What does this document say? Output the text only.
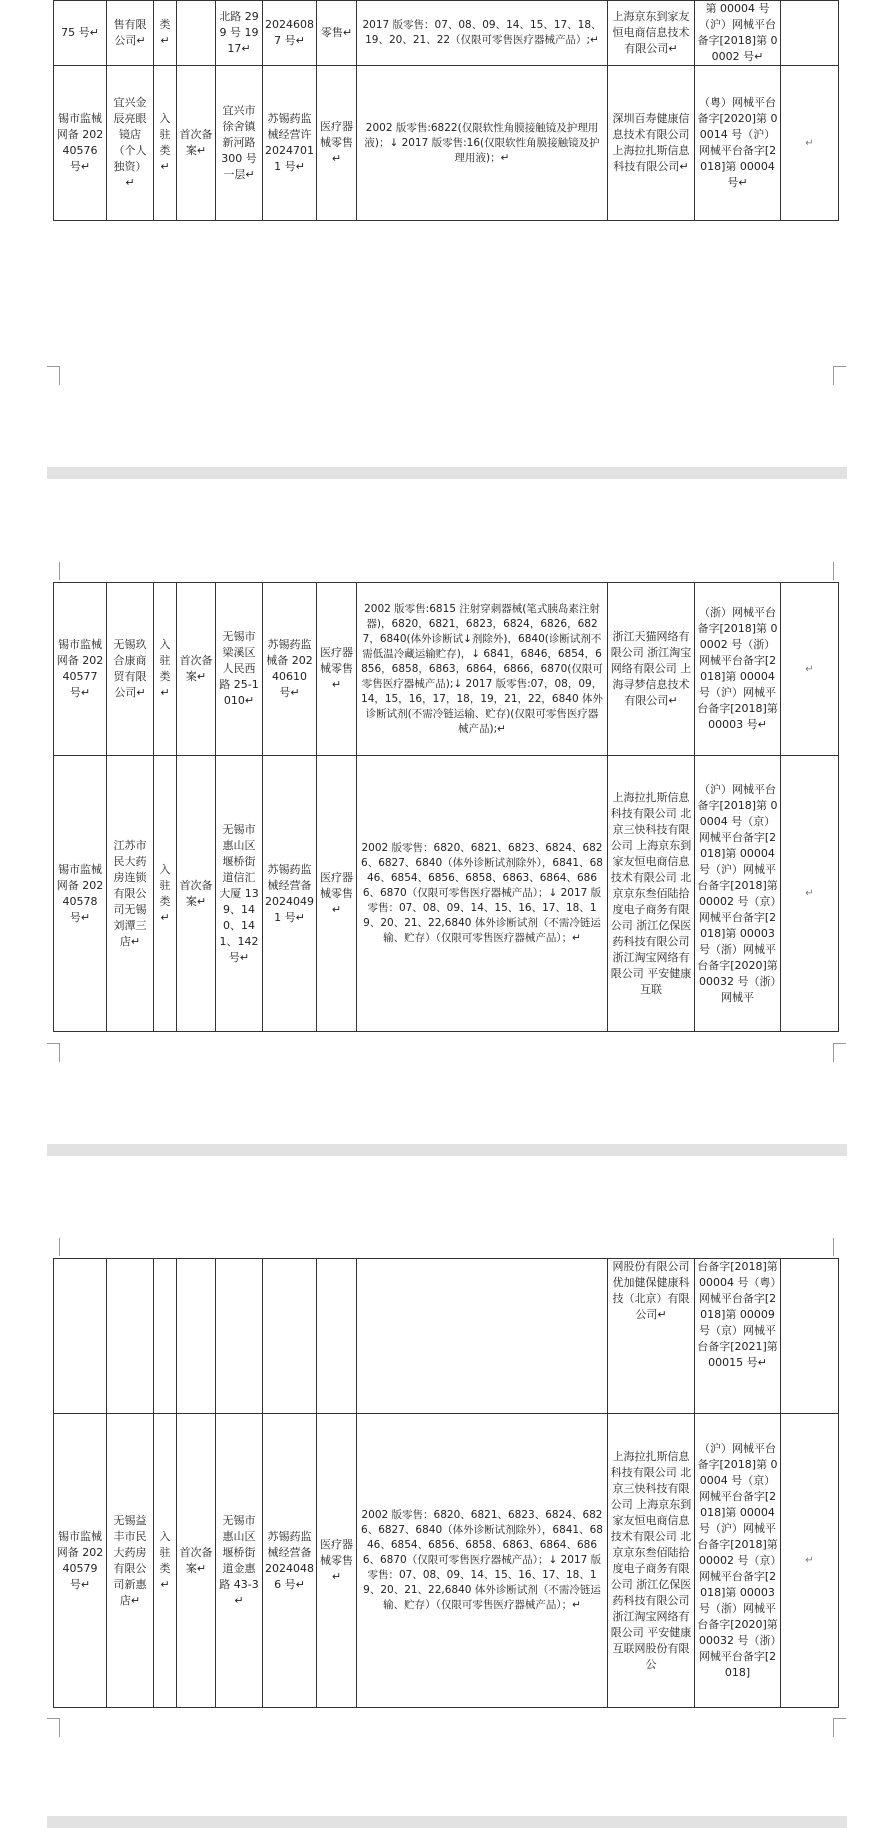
75 号↵	售有限公司↵	类↵		北路 299 号 1917↵	2024608 7 号↵	零售↵	2017 版零售：07、08、09、14、15、17、18、19、20、21、22（仅限可零售医疗器械产品）;↵	上海京东到家友恒电商信息技术有限公司↵	第 00004 号（沪）网械平台备字[2018]第 00002 号↵	
锡市监械网备 20240576 号↵	宜兴金辰亮眼镜店（个人独资）↵	入驻类↵	首次备案↵	宜兴市徐舍镇新河路 300 号一层↵	苏锡药监械经营许 20247011 号↵	医疗器械零售↵	2002 版零售:6822(仅限软性角膜接触镜及护理用液)；↓ 2017 版零售:16(仅限软性角膜接触镜及护理用液)；↵	深圳百寿健康信息技术有限公司 上海拉扎斯信息科技有限公司↵	（粤）网械平台备字[2020]第 00014 号（沪）网械平台备字[2018]第 00004 号↵	↵
锡市监械网备 20240577 号↵	无锡玖合康商贸有限公司↵	入驻类↵	首次备案↵	无锡市梁溪区人民西路 25-1010↵	苏锡药监械备 20240610 号↵	医疗器械零售↵	2002 版零售:6815 注射穿刺器械(笔式胰岛素注射器)，6820，6821，6823，6824，6826，6827，6840(体外诊断试↓剂除外)，6840(诊断试剂不需低温冷藏运输贮存)，↓ 6841，6846，6854，6856，6858，6863，6864，6866，6870(仅限可零售医疗器械产品);↓ 2017 版零售:07，08，09，14，15，16，17，18，19，21，22，6840 体外诊断试剂(不需冷链运输、贮存)(仅限可零售医疗器械产品);↵	浙江天猫网络有限公司 浙江淘宝网络有限公司 上海寻梦信息技术有限公司↵	（浙）网械平台备字[2018]第 00002 号（浙）网械平台备字[2018]第 00004 号（沪）网械平台备字[2018]第 00003 号↵	↵
锡市监械网备 20240578 号↵	江苏市民大药房连锁有限公司无锡刘潭三店↵	入驻类↵	首次备案↵	无锡市惠山区堰桥街道信汇大厦 139、140、141、142 号↵	苏锡药监械经营备 20240491 号↵	医疗器械零售↵	2002 版零售：6820、6821、6823、6824、6826、6827、6840（体外诊断试剂除外），6841、6846、6854、6856、6858、6863、6864、6866、6870（仅限可零售医疗器械产品）；↓ 2017 版零售：07、08、09、14、15、16、17、18、19、20、21、22,6840 体外诊断试剂（不需冷链运输、贮存）（仅限可零售医疗器械产品）；↵	上海拉扎斯信息科技有限公司 北京三快科技有限公司 上海京东到家友恒电商信息技术有限公司 北京京东叁佰陆拾度电子商务有限公司 浙江亿保医药科技有限公司 浙江淘宝网络有限公司 平安健康互联	（沪）网械平台备字[2018]第 00004 号（京）网械平台备字[2018]第 00004 号（沪）网械平台备字[2018]第 00002 号（京）网械平台备字[2018]第 00003 号（浙）网械平台备字[2020]第 00032 号（浙）网械平	↵
								网股份有限公司 优加健保健康科技（北京）有限公司↵	台备字[2018]第 00004 号（粤）网械平台备字[2018]第 00009 号（京）网械平台备字[2021]第 00015 号↵	
锡市监械网备 20240579 号↵	无锡益丰市民大药房有限公司新惠店↵	入驻类↵	首次备案↵	无锡市惠山区堰桥街道金惠路 43-3↵	苏锡药监械经营备 20240486 号↵	医疗器械零售↵	2002 版零售：6820、6821、6823、6824、6826、6827、6840（体外诊断试剂除外），6841、6846、6854、6856、6858、6863、6864、6866、6870（仅限可零售医疗器械产品）；↓ 2017 版零售：07、08、09、14、15、16、17、18、19、20、21、22,6840 体外诊断试剂（不需冷链运输、贮存）（仅限可零售医疗器械产品）；↵	上海拉扎斯信息科技有限公司 北京三快科技有限公司 上海京东到家友恒电商信息技术有限公司 北京京东叁佰陆拾度电子商务有限公司 浙江亿保医药科技有限公司 浙江淘宝网络有限公司 平安健康互联网股份有限公	（沪）网械平台备字[2018]第 00004 号（京）网械平台备字[2018]第 00004 号（沪）网械平台备字[2018]第 00002 号（京）网械平台备字[2018]第 00003 号（浙）网械平台备字[2020]第 00032 号（浙）网械平台备字[2018]	↵
